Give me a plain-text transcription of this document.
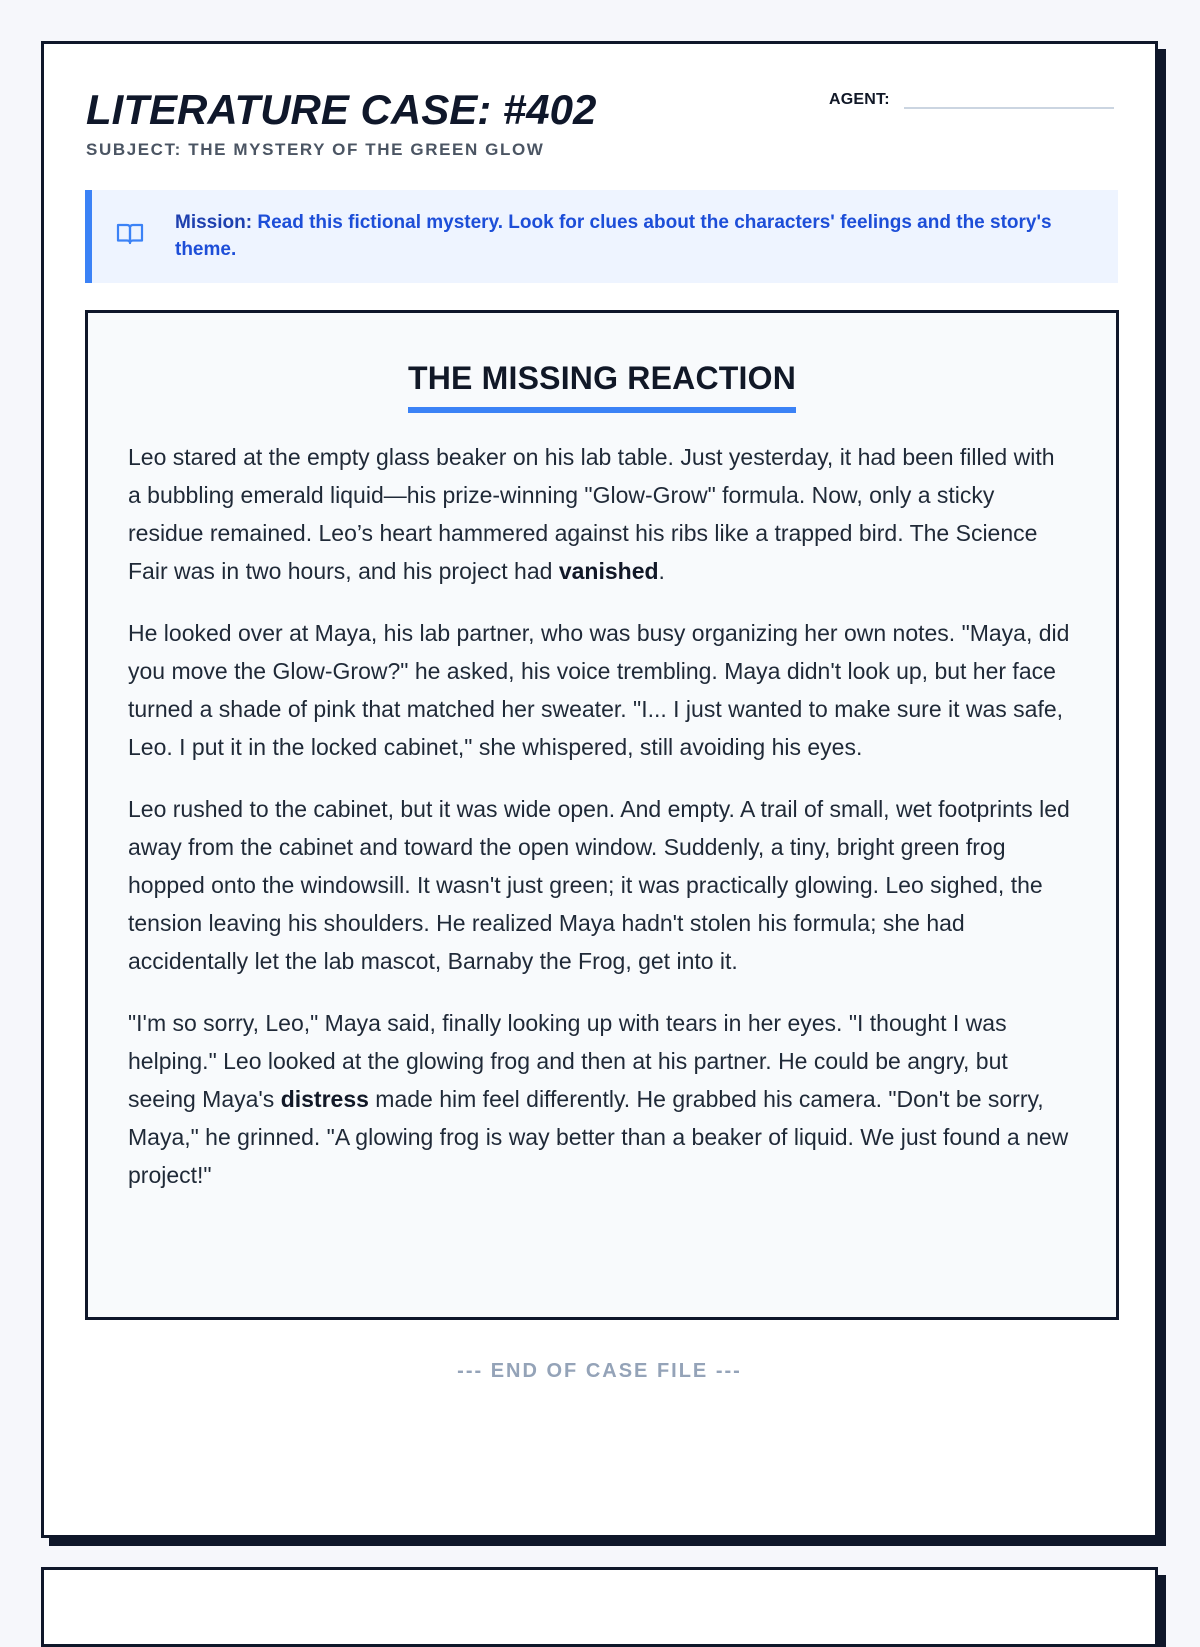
LITERATURE CASE: #402
SUBJECT: THE MYSTERY OF THE GREEN GLOW
AGENT:
Mission: Read this fictional mystery. Look for clues about the characters' feelings and the story's theme.
THE MISSING REACTION

Leo stared at the empty glass beaker on his lab table. Just yesterday, it had been filled with a bubbling emerald liquid—his prize-winning "Glow-Grow" formula. Now, only a sticky residue remained. Leo’s heart hammered against his ribs like a trapped bird. The Science Fair was in two hours, and his project had vanished.

He looked over at Maya, his lab partner, who was busy organizing her own notes. "Maya, did you move the Glow-Grow?" he asked, his voice trembling. Maya didn't look up, but her face turned a shade of pink that matched her sweater. "I... I just wanted to make sure it was safe, Leo. I put it in the locked cabinet," she whispered, still avoiding his eyes.

Leo rushed to the cabinet, but it was wide open. And empty. A trail of small, wet footprints led away from the cabinet and toward the open window. Suddenly, a tiny, bright green frog hopped onto the windowsill. It wasn't just green; it was practically glowing. Leo sighed, the tension leaving his shoulders. He realized Maya hadn't stolen his formula; she had accidentally let the lab mascot, Barnaby the Frog, get into it.

"I'm so sorry, Leo," Maya said, finally looking up with tears in her eyes. "I thought I was helping." Leo looked at the glowing frog and then at his partner. He could be angry, but seeing Maya's distress made him feel differently. He grabbed his camera. "Don't be sorry, Maya," he grinned. "A glowing frog is way better than a beaker of liquid. We just found a new project!"

--- END OF CASE FILE ---
